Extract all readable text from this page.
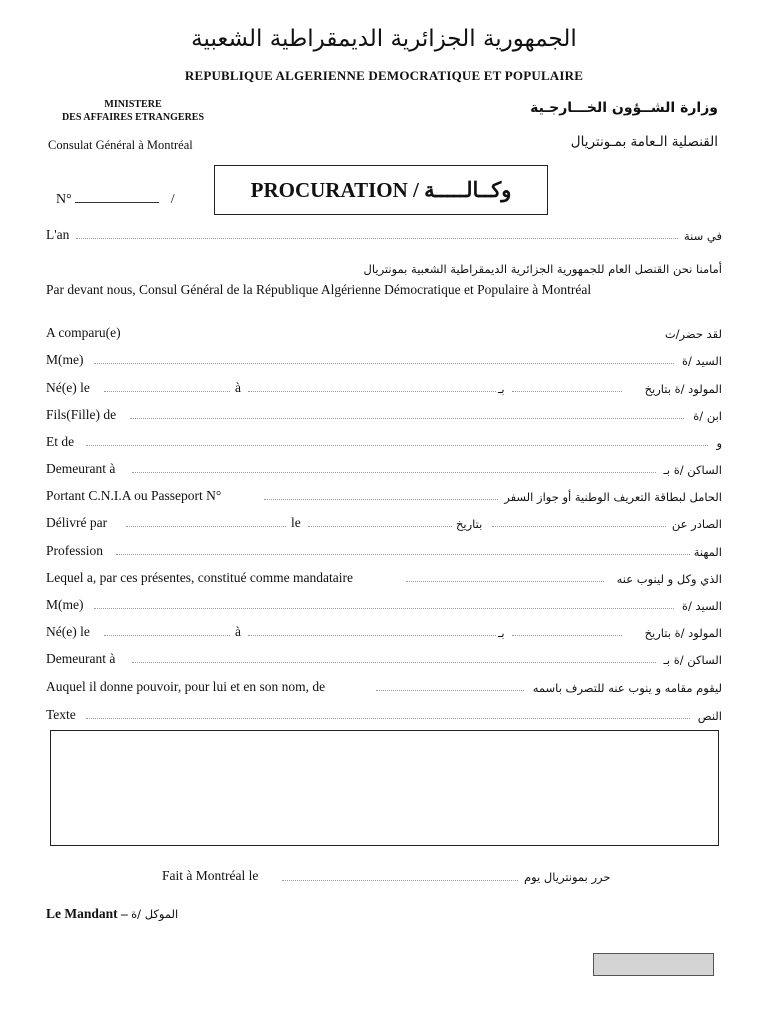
الجمهورية الجزائرية الديمقراطية الشعبية
REPUBLIQUE ALGERIENNE DEMOCRATIQUE ET POPULAIRE
MINISTERE
DES AFFAIRES ETRANGERES
Consulat Général à Montréal
وزارة الشــؤون الخـــارجـية
القنصلية الـعامة بمـونتريال
PROCURATION / وكــالـــــة
N°	/
L'an	في سنة
أمامنا نحن القنصل العام للجمهورية الجزائرية الديمقراطية الشعبية بمونتريال
Par devant nous, Consul Général de la République Algérienne Démocratique et Populaire à Montréal
A comparu(e)	لقد حضر/ت
M(me)	السيد /ة
Né(e) le	à	بـ	المولود /ة بتاريخ
Fils(Fille) de	ابن /ة
Et de	و
Demeurant à	الساكن /ة بـ
Portant C.N.I.A ou Passeport N°	الحامل لبطاقة التعريف الوطنية أو جواز السفر
Délivré par	le	بتاريخ	الصادر عن
Profession	المهنة
Lequel a, par ces présentes, constitué comme mandataire	الذي وكل و لينوب عنه
M(me)	السيد /ة
Né(e) le	à	بـ	المولود /ة بتاريخ
Demeurant à	الساكن /ة بـ
Auquel il donne pouvoir, pour lui et en son nom, de	ليقوم مقامه و ينوب عنه للتصرف باسمه
Texte	النص
Fait à Montréal le	حرر بمونتريال يوم
Le Mandant – الموكل /ة
